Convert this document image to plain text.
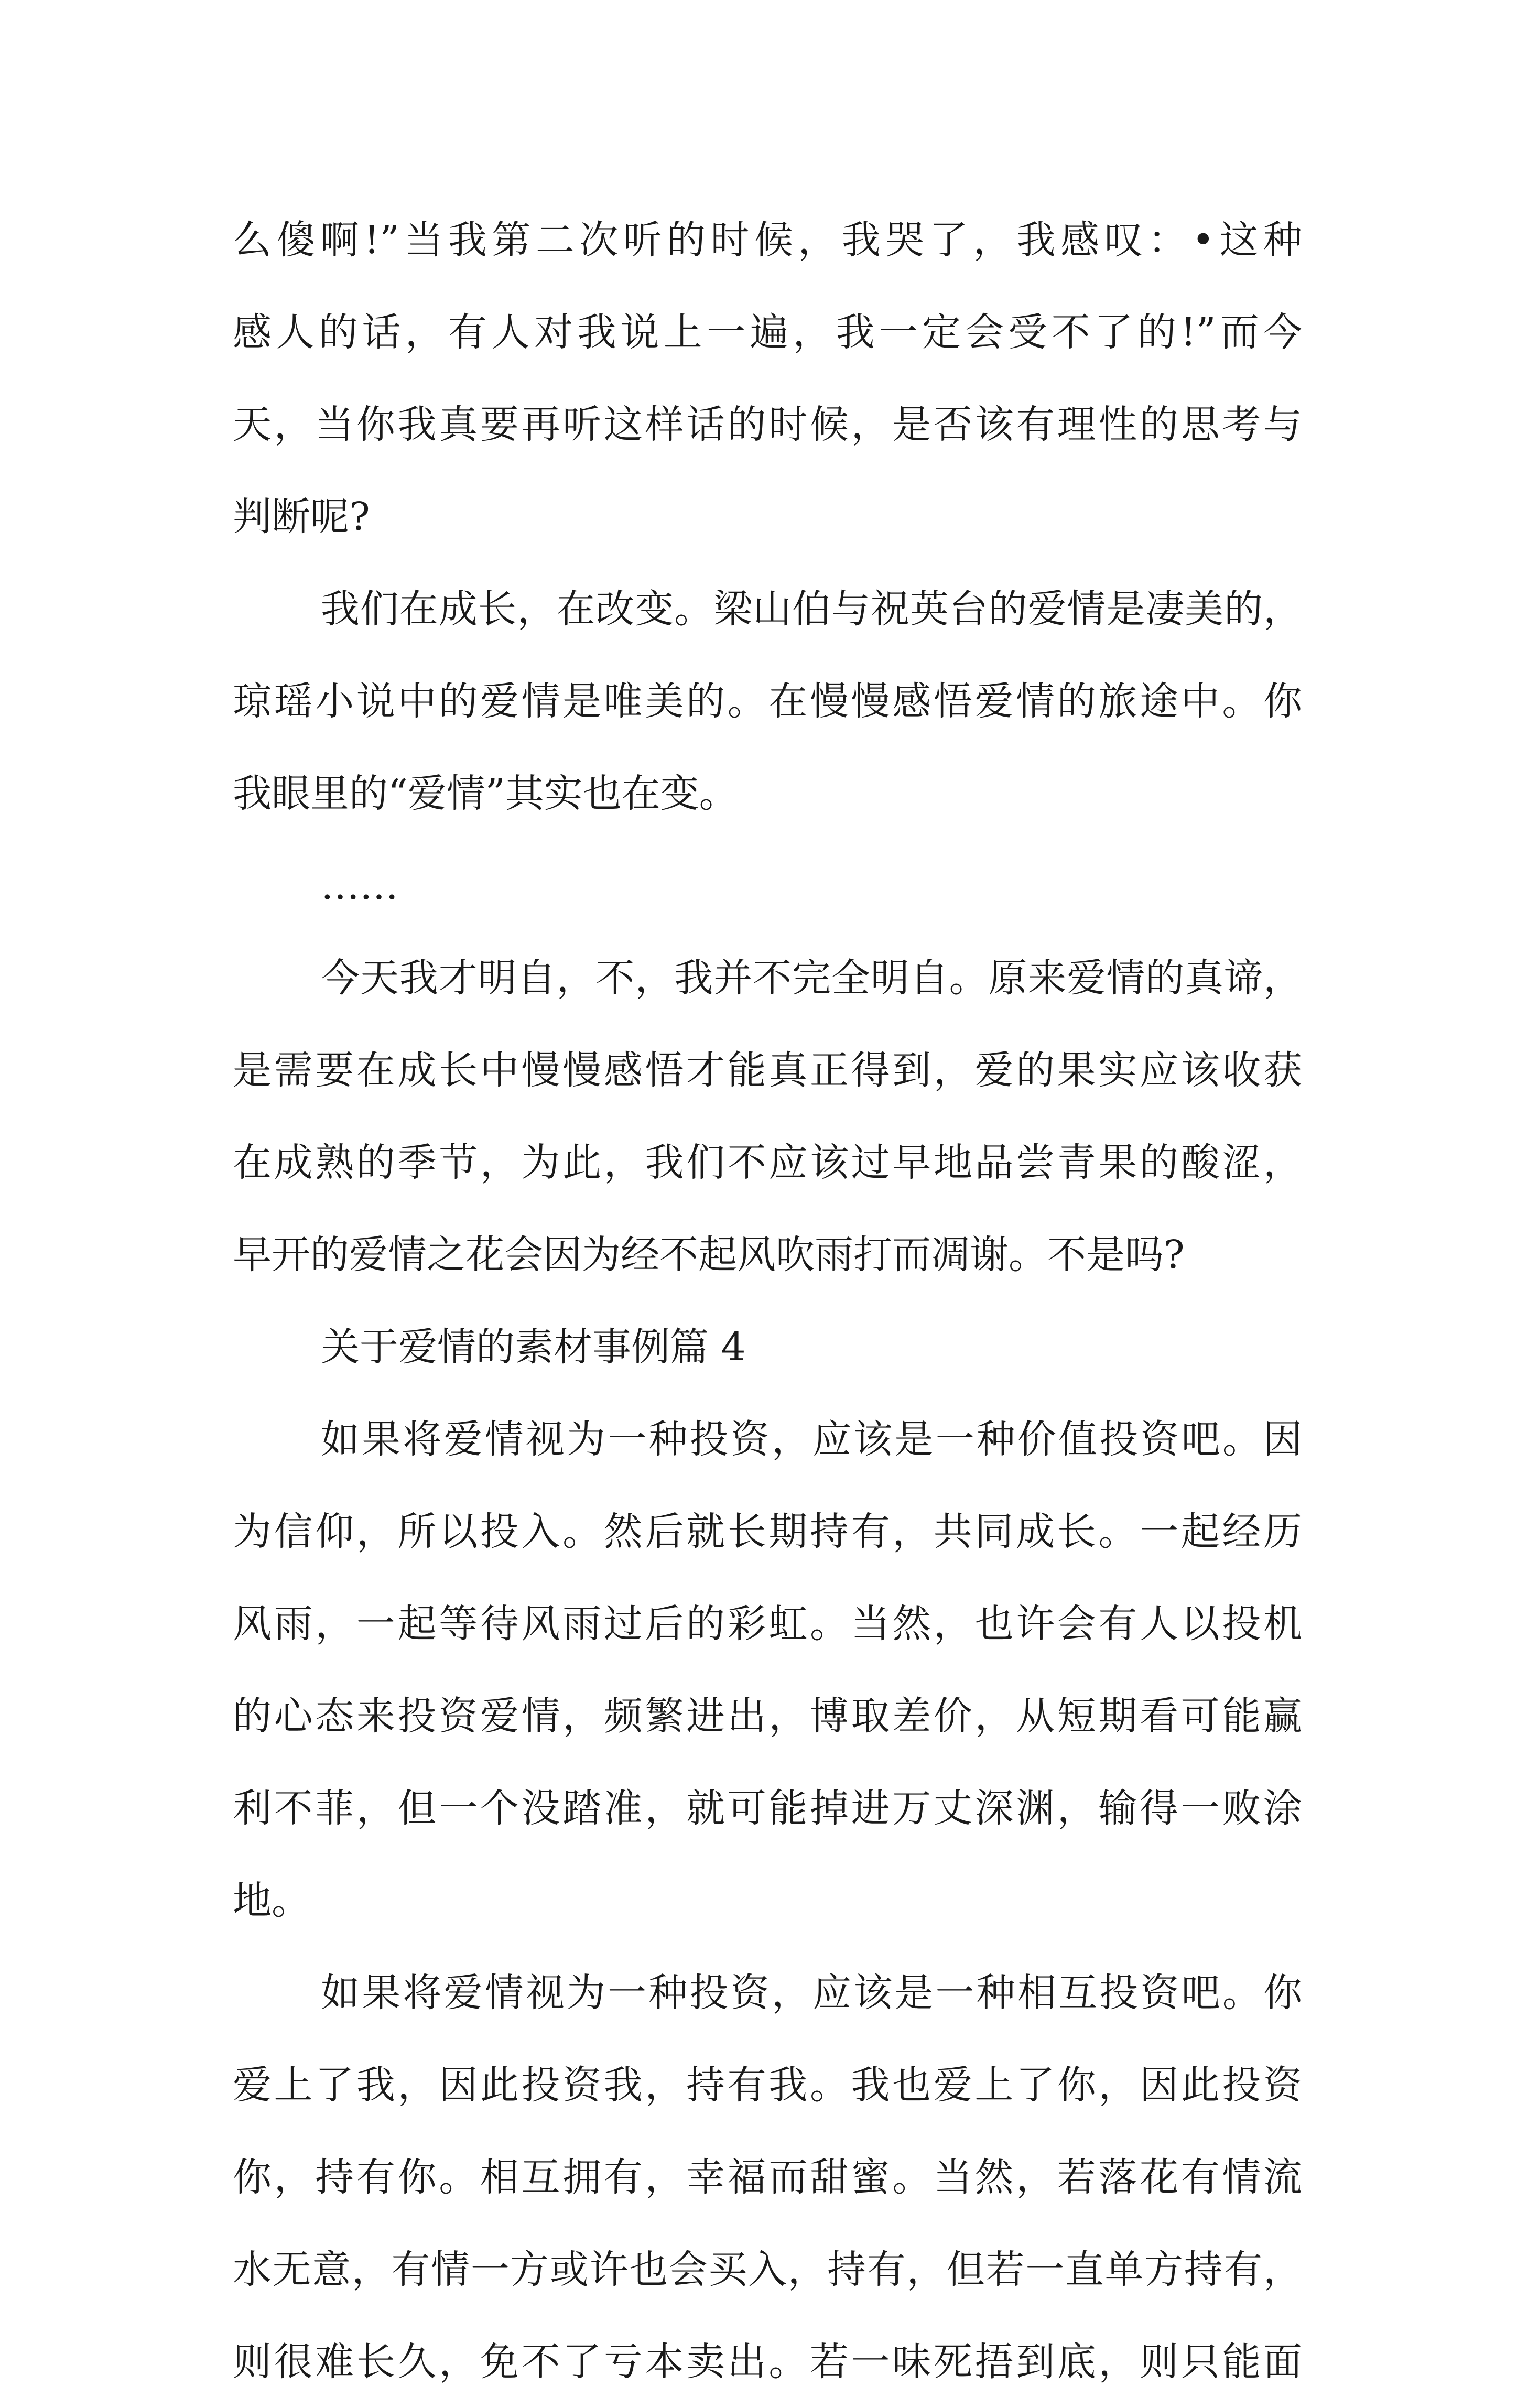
么傻啊!”当我第二次听的时候，我哭了，我感叹：•这种
感人的话，有人对我说上一遍，我一定会受不了的!”而今
天，当你我真要再听这样话的时候，是否该有理性的思考与
判断呢?
我们在成长，在改变。梁山伯与祝英台的爱情是凄美的，
琼瑶小说中的爱情是唯美的。在慢慢感悟爱情的旅途中。你
我眼里的“爱情”其实也在变。
……
今天我才明自，不，我并不完全明自。原来爱情的真谛，
是需要在成长中慢慢感悟才能真正得到，爱的果实应该收获
在成熟的季节，为此，我们不应该过早地品尝青果的酸涩，
早开的爱情之花会因为经不起风吹雨打而凋谢。不是吗?
关于爱情的素材事例篇 4
如果将爱情视为一种投资，应该是一种价值投资吧。因
为信仰，所以投入。然后就长期持有，共同成长。一起经历
风雨，一起等待风雨过后的彩虹。当然，也许会有人以投机
的心态来投资爱情，频繁进出，博取差价，从短期看可能赢
利不菲，但一个没踏准，就可能掉进万丈深渊，输得一败涂
地。
如果将爱情视为一种投资，应该是一种相互投资吧。你
爱上了我，因此投资我，持有我。我也爱上了你，因此投资
你，持有你。相互拥有，幸福而甜蜜。当然，若落花有情流
水无意，有情一方或许也会买入，持有，但若一直单方持有，
则很难长久，免不了亏本卖出。若一味死捂到底，则只能面
